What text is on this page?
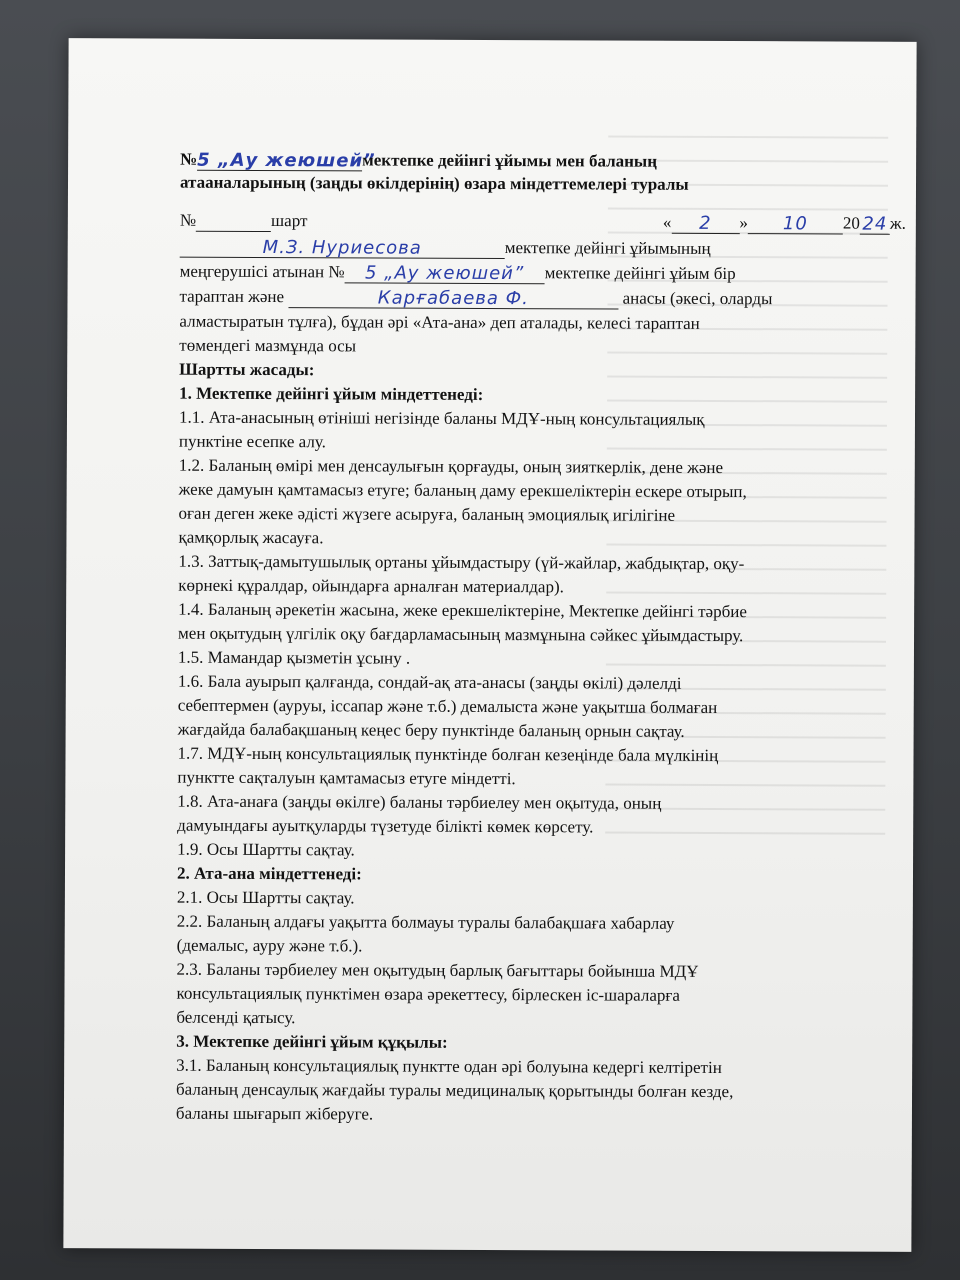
№5 „Ау жеюшей”мектепке дейінгі ұйымы мен баланың
атааналарының (заңды өкілдерінің) өзара міндеттемелері туралы
№	шарт	« 2 » 10 20 24 ж.
М.З. Нуриесова	мектепке дейінгі ұйымының
меңгерушісі атынан № 5 „Ау жеюшей” мектепке дейінгі ұйым бір
тараптан және	Карғабаева Ф.	анасы (әкесі, оларды
алмастыратын тұлға), бұдан әрі «Ата-ана» деп аталады, келесі тараптан
төмендегі мазмұнда осы
Шартты жасады:
1. Мектепке дейінгі ұйым міндеттенеді:
1.1. Ата-анасының өтініші негізінде баланы МДҰ-ның консультациялық
пунктіне есепке алу.
1.2. Баланың өмірі мен денсаулығын қорғауды, оның зияткерлік, дене және
жеке дамуын қамтамасыз етуге; баланың даму ерекшеліктерін ескере отырып,
оған деген жеке әдісті жүзеге асыруға, баланың эмоциялық игілігіне
қамқорлық жасауға.
1.3. Заттық-дамытушылық ортаны ұйымдастыру (үй-жайлар, жабдықтар, оқу-
көрнекі құралдар, ойындарға арналған материалдар).
1.4. Баланың әрекетін жасына, жеке ерекшеліктеріне, Мектепке дейінгі тәрбие
мен оқытудың үлгілік оқу бағдарламасының мазмұнына сәйкес ұйымдастыру.
1.5. Мамандар қызметін ұсыну .
1.6. Бала ауырып қалғанда, сондай-ақ ата-анасы (заңды өкілі) дәлелді
себептермен (ауруы, іссапар және т.б.) демалыста және уақытша болмаған
жағдайда балабақшаның кеңес беру пунктінде баланың орнын сақтау.
1.7. МДҰ-ның консультациялық пунктінде болған кезеңінде бала мүлкінің
пунктте сақталуын қамтамасыз етуге міндетті.
1.8. Ата-анаға (заңды өкілге) баланы тәрбиелеу мен оқытуда, оның
дамуындағы ауытқуларды түзетуде білікті көмек көрсету.
1.9. Осы Шартты сақтау.
2. Ата-ана міндеттенеді:
2.1. Осы Шартты сақтау.
2.2. Баланың алдағы уақытта болмауы туралы балабақшаға хабарлау
(демалыс, ауру және т.б.).
2.3. Баланы тәрбиелеу мен оқытудың барлық бағыттары бойынша МДҰ
консультациялық пунктімен өзара әрекеттесу, бірлескен іс-шараларға
белсенді қатысу.
3. Мектепке дейінгі ұйым құқылы:
3.1. Баланың консультациялық пунктте одан әрі болуына кедергі келтіретін
баланың денсаулық жағдайы туралы медициналық қорытынды болған кезде,
баланы шығарып жіберуге.
